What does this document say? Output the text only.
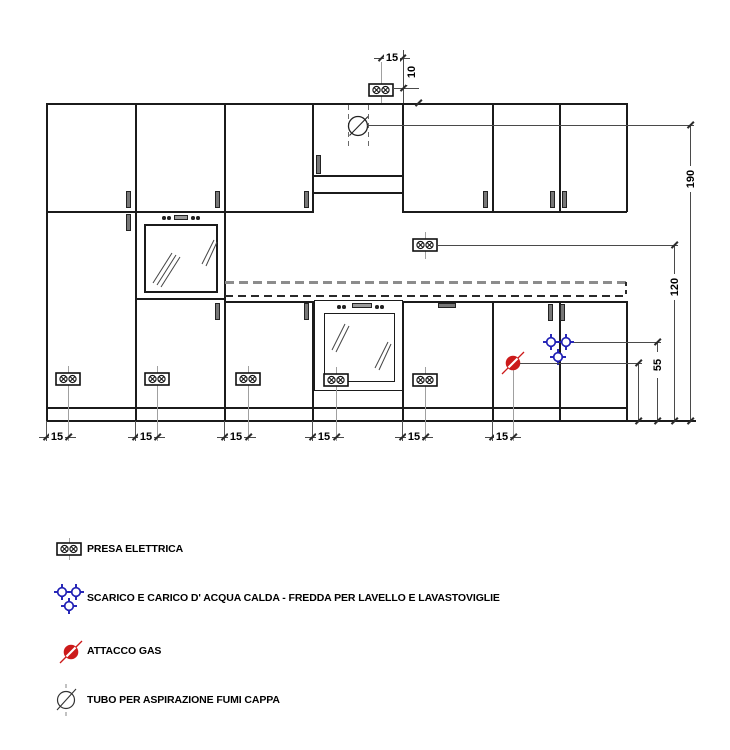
15
10
190
120
55
15	15	15	15	15	15
PRESA ELETTRICA
SCARICO E CARICO D' ACQUA CALDA - FREDDA PER LAVELLO E LAVASTOVIGLIE
ATTACCO GAS
TUBO PER ASPIRAZIONE FUMI CAPPA
